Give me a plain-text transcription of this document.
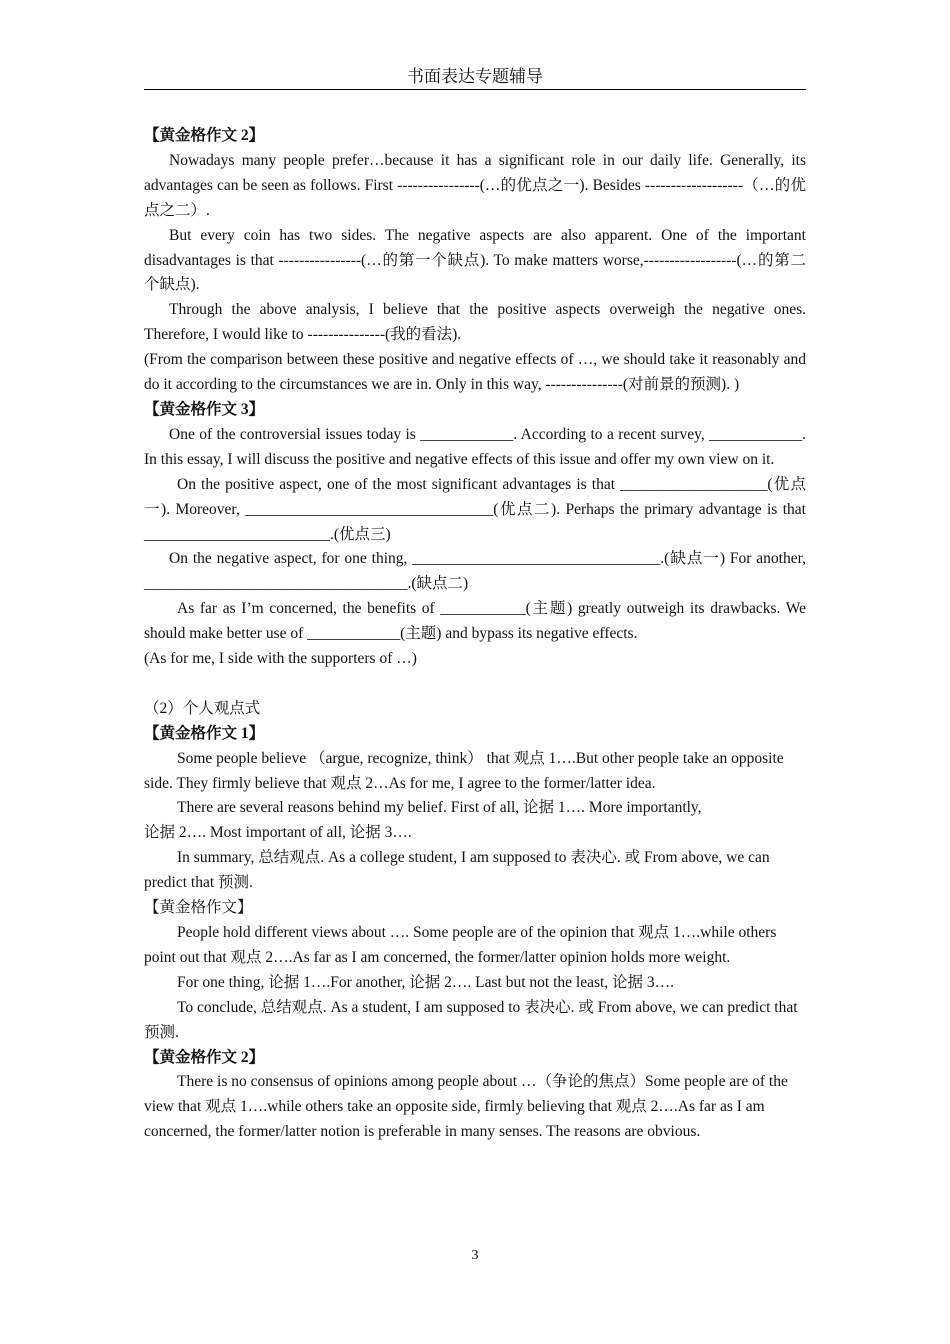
书面表达专题辅导

【黄金格作文 2】

Nowadays many people prefer…because it has a significant role in our daily life. Generally, its advantages can be seen as follows. First ----------------(…的优点之一). Besides -------------------（…的优点之二）.

But every coin has two sides. The negative aspects are also apparent. One of the important disadvantages is that ----------------(…的第一个缺点). To make matters worse,------------------(…的第二个缺点).

Through the above analysis, I believe that the positive aspects overweigh the negative ones. Therefore, I would like to ---------------(我的看法).

(From the comparison between these positive and negative effects of …, we should take it reasonably and do it according to the circumstances we are in. Only in this way, ---------------(对前景的预测). )

【黄金格作文 3】

One of the controversial issues today is ____________. According to a recent survey, ____________. In this essay, I will discuss the positive and negative effects of this issue and offer my own view on it.

On the positive aspect, one of the most significant advantages is that ___________________(优点一). Moreover, ________________________________(优点二). Perhaps the primary advantage is that ________________________.(优点三)

On the negative aspect, for one thing, ________________________________.(缺点一) For another, __________________________________.(缺点二)

As far as I’m concerned, the benefits of ___________(主题) greatly outweigh its drawbacks. We should make better use of ____________(主题) and bypass its negative effects.

(As for me, I side with the supporters of …)

（2）个人观点式

【黄金格作文 1】

Some people believe （argue, recognize, think） that 观点 1….But other people take an opposite side. They firmly believe that 观点 2…As for me, I agree to the former/latter idea.

There are several reasons behind my belief. First of all, 论据 1…. More importantly,

论据 2…. Most important of all, 论据 3….

In summary, 总结观点. As a college student, I am supposed to 表决心. 或 From above, we can predict that 预测.

【黄金格作文】

People hold different views about …. Some people are of the opinion that 观点 1….while others point out that 观点 2….As far as I am concerned, the former/latter opinion holds more weight.

For one thing, 论据 1….For another, 论据 2…. Last but not the least, 论据 3….

To conclude, 总结观点. As a student, I am supposed to 表决心. 或 From above, we can predict that 预测.

【黄金格作文 2】

There is no consensus of opinions among people about …（争论的焦点）Some people are of the view that 观点 1….while others take an opposite side, firmly believing that 观点 2….As far as I am concerned, the former/latter notion is preferable in many senses. The reasons are obvious.

3
